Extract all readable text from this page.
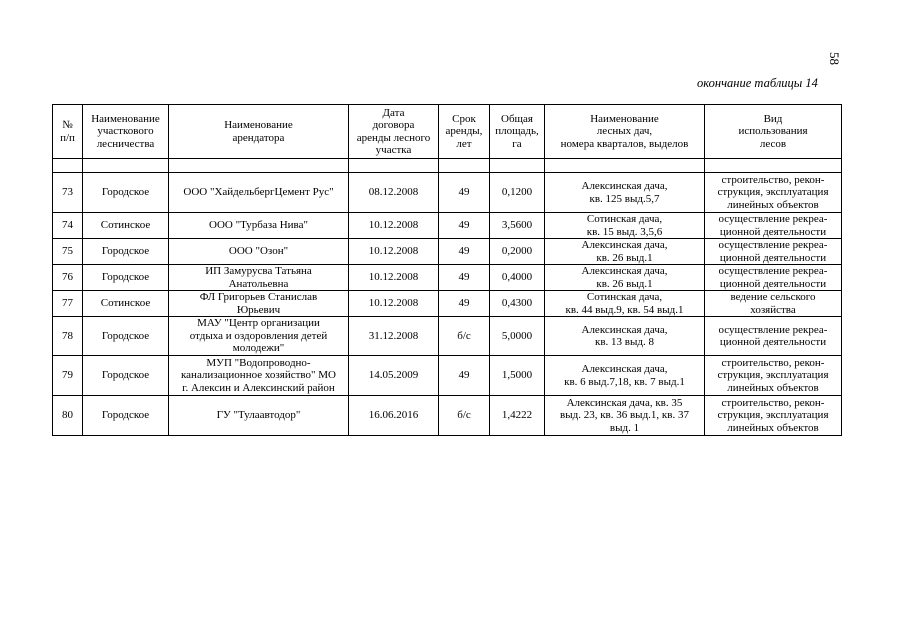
58
окончание таблицы 14
№
п/п	Наименование
участкового
лесничества	Наименование
арендатора	Дата
договора
аренды лесного
участка	Срок
аренды,
лет	Общая
площадь,
га	Наименование
лесных дач,
номера кварталов, выделов	Вид
использования
лесов

73	Городское	ООО "ХайдельбергЦемент Рус"	08.12.2008	49	0,1200	Алексинская дача,
кв. 125 выд.5,7	строительство, рекон-
струкция, эксплуатация
линейных объектов
74	Сотинское	ООО "Турбаза Нива"	10.12.2008	49	3,5600	Сотинская дача,
кв. 15 выд. 3,5,6	осуществление рекреа-
ционной деятельности
75	Городское	ООО "Озон"	10.12.2008	49	0,2000	Алексинская дача,
кв. 26 выд.1	осуществление рекреа-
ционной деятельности
76	Городское	ИП Замурусва Татьяна
Анатольевна	10.12.2008	49	0,4000	Алексинская дача,
кв. 26 выд.1	осуществление рекреа-
ционной деятельности
77	Сотинское	ФЛ Григорьев Станислав
Юрьевич	10.12.2008	49	0,4300	Сотинская дача,
кв. 44 выд.9, кв. 54 выд.1	ведение сельского
хозяйства
78	Городское	МАУ "Центр организации
отдыха и оздоровления детей
молодежи"	31.12.2008	б/с	5,0000	Алексинская дача,
кв. 13 выд. 8	осуществление рекреа-
ционной деятельности
79	Городское	МУП "Водопроводно-
канализационное хозяйство" МО
г. Алексин и Алексинский район	14.05.2009	49	1,5000	Алексинская дача,
кв. 6 выд.7,18, кв. 7 выд.1	строительство, рекон-
струкция, эксплуатация
линейных объектов
80	Городское	ГУ "Тулаавтодор"	16.06.2016	б/с	1,4222	Алексинская дача, кв. 35
выд. 23, кв. 36 выд.1, кв. 37
выд. 1	строительство, рекон-
струкция, эксплуатация
линейных объектов
